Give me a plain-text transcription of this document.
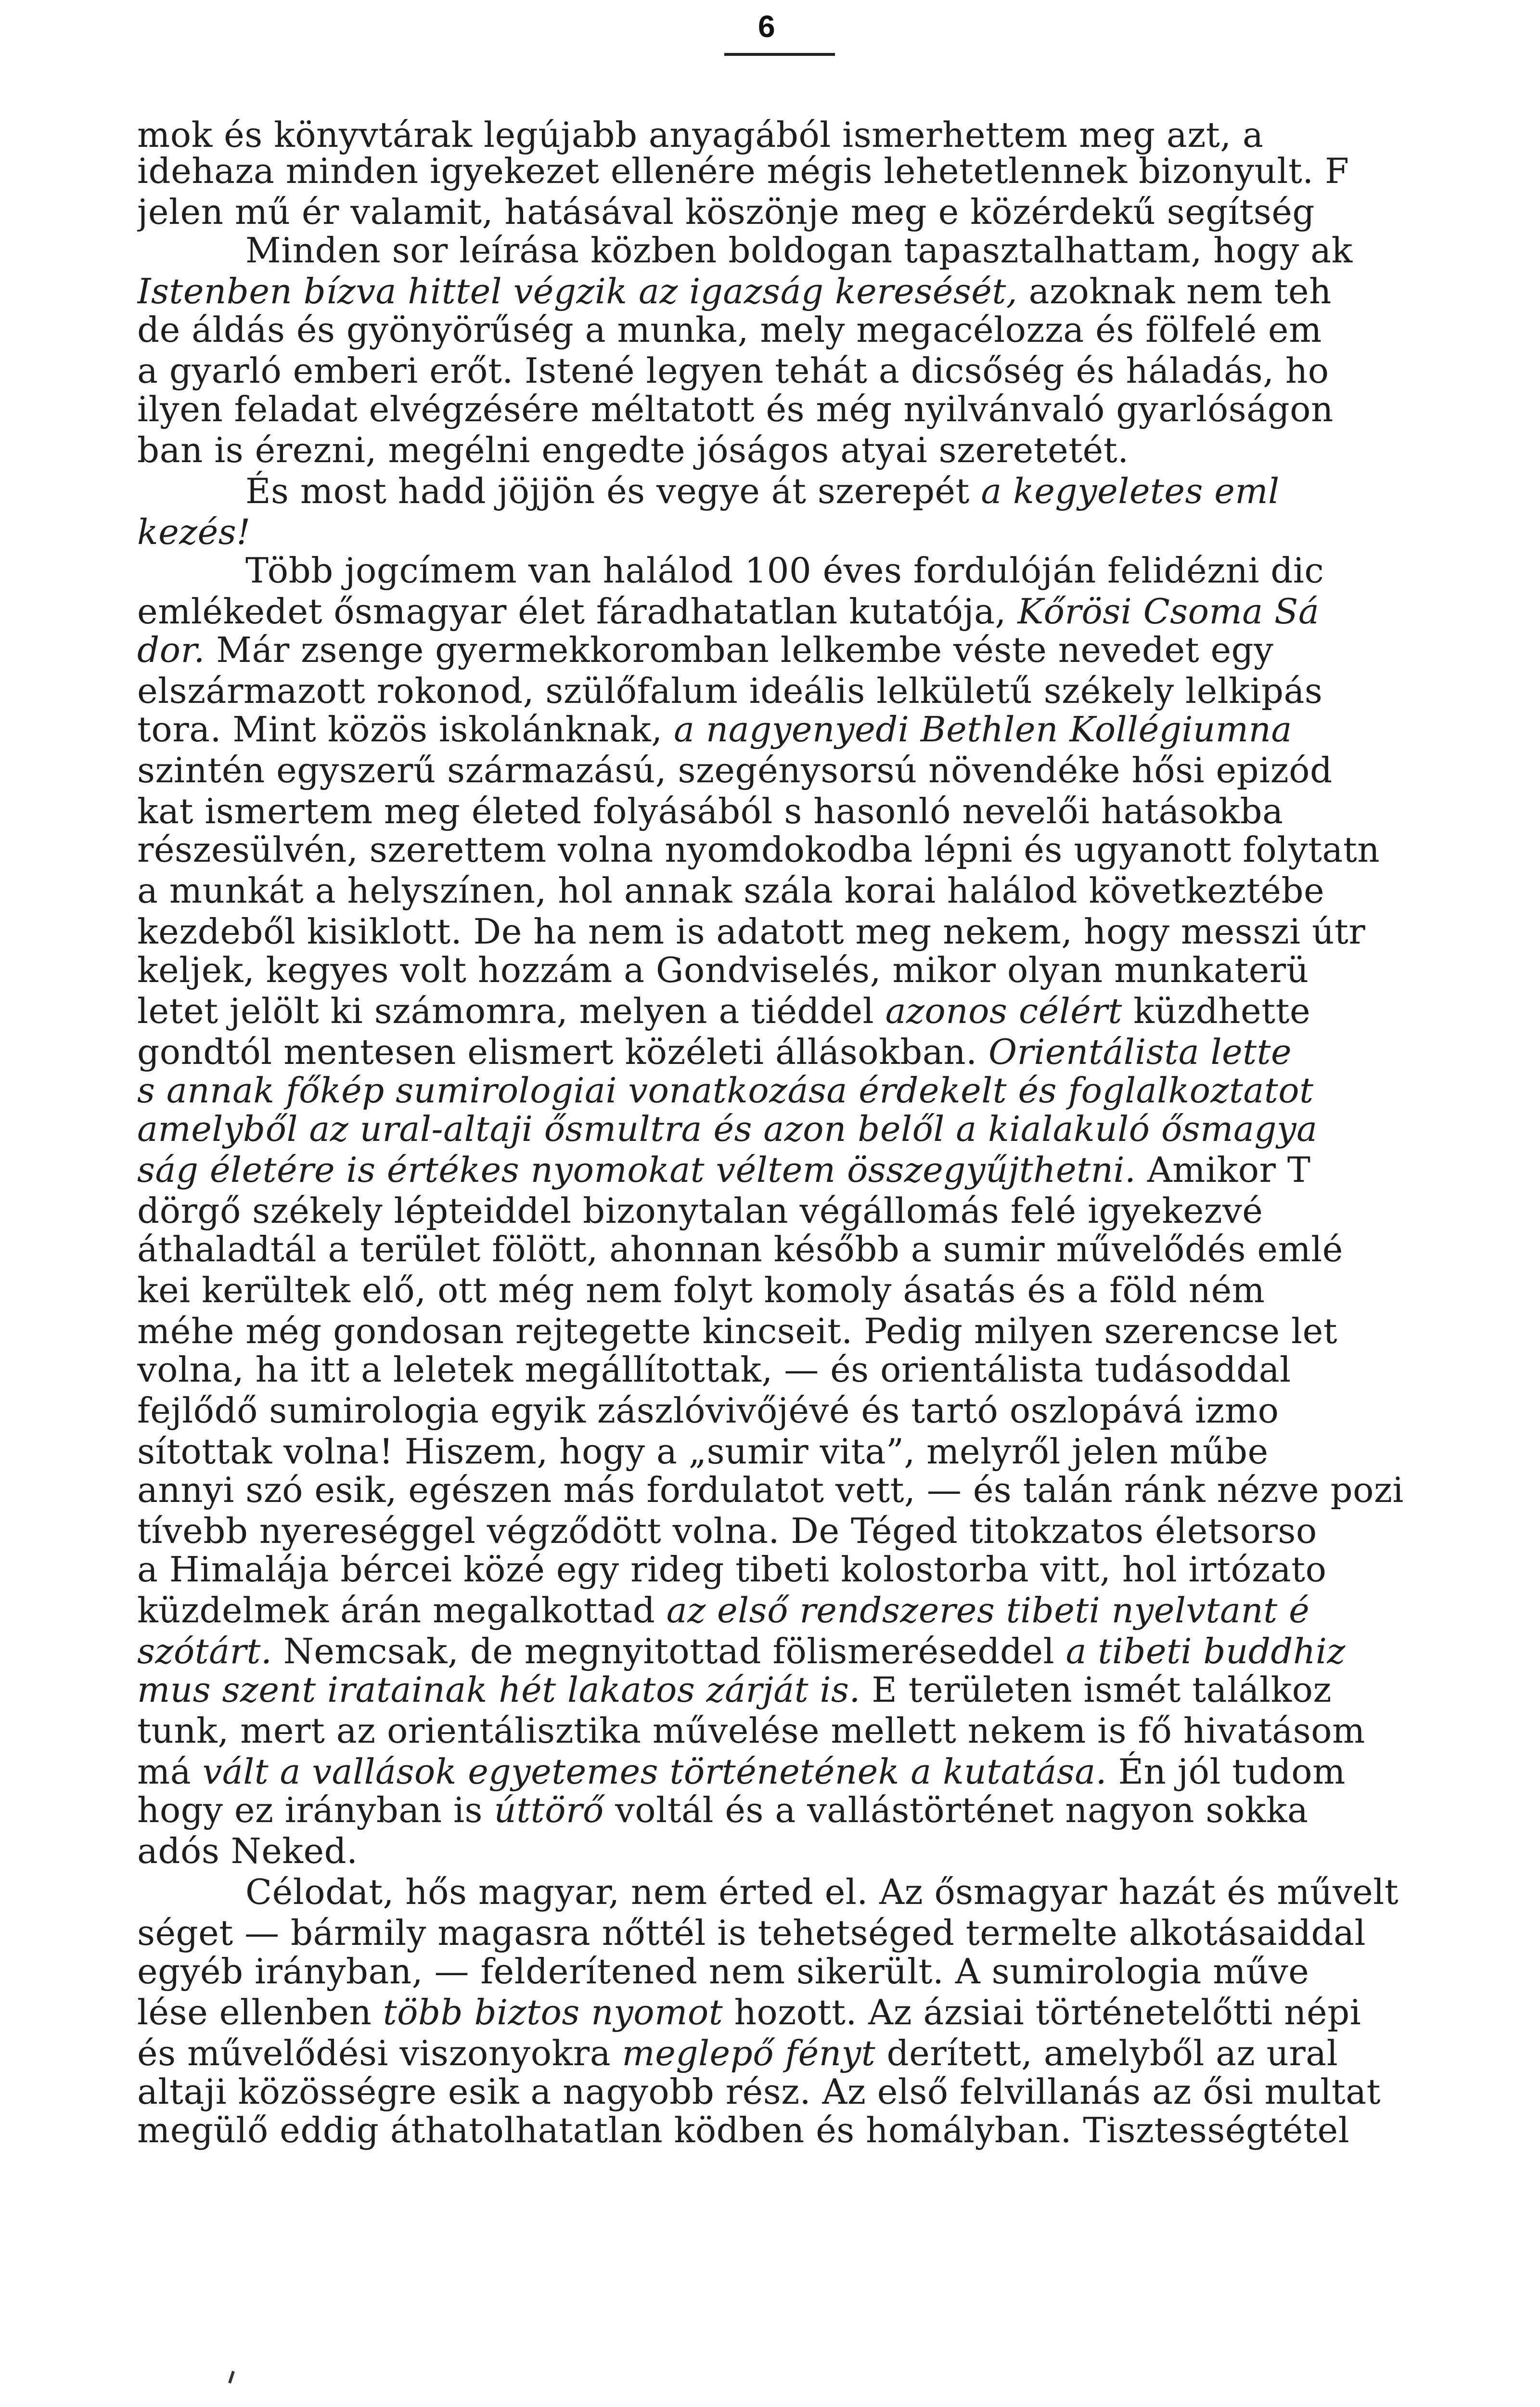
6
mok és könyvtárak legújabb anyagából ismerhettem meg azt, a
idehaza minden igyekezet ellenére mégis lehetetlennek bizonyult. F
jelen mű ér valamit, hatásával köszönje meg e közérdekű segítség
Minden sor leírása közben boldogan tapasztalhattam, hogy ak
Istenben bízva hittel végzik az igazság keresését, azoknak nem teh
de áldás és gyönyörűség a munka, mely megacélozza és fölfelé em
a gyarló emberi erőt. Istené legyen tehát a dicsőség és háladás, ho
ilyen feladat elvégzésére méltatott és még nyilvánvaló gyarlóságon
ban is érezni, megélni engedte jóságos atyai szeretetét.
És most hadd jöjjön és vegye át szerepét a kegyeletes eml
kezés!
Több jogcímem van halálod 100 éves fordulóján felidézni dic
emlékedet ősmagyar élet fáradhatatlan kutatója, Kőrösi Csoma Sá
dor. Már zsenge gyermekkoromban lelkembe véste nevedet egy
elszármazott rokonod, szülőfalum ideális lelkületű székely lelkipás
tora. Mint közös iskolánknak, a nagyenyedi Bethlen Kollégiumna
szintén egyszerű származású, szegénysorsú növendéke hősi epizód
kat ismertem meg életed folyásából s hasonló nevelői hatásokba
részesülvén, szerettem volna nyomdokodba lépni és ugyanott folytatn
a munkát a helyszínen, hol annak szála korai halálod következtébe
kezdeből kisiklott. De ha nem is adatott meg nekem, hogy messzi útr
keljek, kegyes volt hozzám a Gondviselés, mikor olyan munkaterü
letet jelölt ki számomra, melyen a tiéddel azonos célért küzdhette
gondtól mentesen elismert közéleti állásokban. Orientálista lette
s annak főkép sumirologiai vonatkozása érdekelt és foglalkoztatot
amelyből az ural-altaji ősmultra és azon belől a kialakuló ősmagya
ság életére is értékes nyomokat véltem összegyűjthetni. Amikor T
dörgő székely lépteiddel bizonytalan végállomás felé igyekezvé
áthaladtál a terület fölött, ahonnan később a sumir művelődés emlé
kei kerültek elő, ott még nem folyt komoly ásatás és a föld ném
méhe még gondosan rejtegette kincseit. Pedig milyen szerencse let
volna, ha itt a leletek megállítottak, — és orientálista tudásoddal
fejlődő sumirologia egyik zászlóvivőjévé és tartó oszlopává izmo
sítottak volna! Hiszem, hogy a „sumir vita”, melyről jelen műbe
annyi szó esik, egészen más fordulatot vett, — és talán ránk nézve pozi
tívebb nyereséggel végződött volna. De Téged titokzatos életsorso
a Himalája bércei közé egy rideg tibeti kolostorba vitt, hol irtózato
küzdelmek árán megalkottad az első rendszeres tibeti nyelvtant é
szótárt. Nemcsak, de megnyitottad fölismeréseddel a tibeti buddhiz
mus szent iratainak hét lakatos zárját is. E területen ismét találkoz
tunk, mert az orientálisztika művelése mellett nekem is fő hivatásom
má vált a vallások egyetemes történetének a kutatása. Én jól tudom
hogy ez irányban is úttörő voltál és a vallástörténet nagyon sokka
adós Neked.
Célodat, hős magyar, nem érted el. Az ősmagyar hazát és művelt
séget — bármily magasra nőttél is tehetséged termelte alkotásaiddal
egyéb irányban, — felderítened nem sikerült. A sumirologia műve
lése ellenben több biztos nyomot hozott. Az ázsiai történetelőtti népi
és művelődési viszonyokra meglepő fényt derített, amelyből az ural
altaji közösségre esik a nagyobb rész. Az első felvillanás az ősi multat
megülő eddig áthatolhatatlan ködben és homályban. Tisztességtétel
